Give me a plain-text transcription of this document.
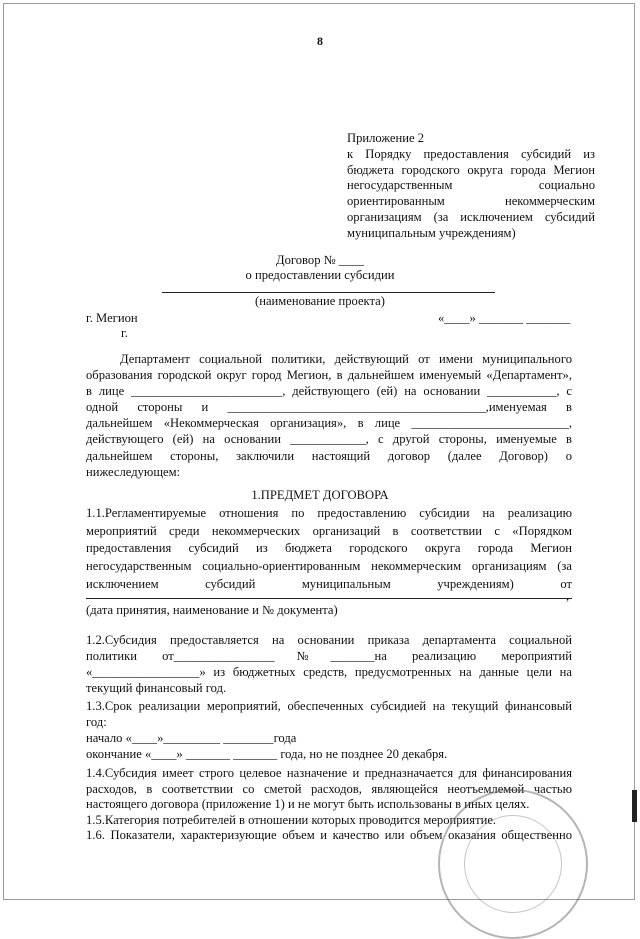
8
Приложение 2
к Порядку предоставления субсидий из
бюджета городского округа города Мегион
негосударственным социально
ориентированным некоммерческим
организациям (за исключением субсидий
муниципальным учреждениям)
Договор № ____
о предоставлении субсидии
(наименование проекта)
г. Мегион	«____» _______ _______
г.
Департамент социальной политики, действующий от имени муниципального
образования городской округ город Мегион, в дальнейшем именуемый «Департамент»,
в лице ________________________, действующего (ей) на основании ___________, с
одной стороны и _________________________________________,именуемая в
дальнейшем «Некоммерческая организация», в лице _________________________,
действующего (ей) на основании ____________, с другой стороны, именуемые в
дальнейшем стороны, заключили настоящий договор (далее Договор) о
нижеследующем:
1.ПРЕДМЕТ ДОГОВОРА
1.1.Регламентируемые отношения по предоставлению субсидии на реализацию
мероприятий среди некоммерческих организаций в соответствии с «Порядком
предоставления субсидий из бюджета городского округа города Мегион
негосударственным социально-ориентированным некоммерческим организациям (за
исключением субсидий муниципальным учреждениям) от
,
(дата принятия, наименование и № документа)
1.2.Субсидия предоставляется на основании приказа департамента социальной
политики от________________№_______на реализацию мероприятий
«_________________» из бюджетных средств, предусмотренных на данные цели на
текущий финансовый год.
1.3.Срок реализации мероприятий, обеспеченных субсидией на текущий финансовый
год:
начало «____»_________ ________года
окончание «____» _______ _______ года, но не позднее 20 декабря.
1.4.Субсидия имеет строго целевое назначение и предназначается для финансирования
расходов, в соответствии со сметой расходов, являющейся неотъемлемой частью
настоящего договора (приложение 1) и не могут быть использованы в иных целях.
1.5.Категория потребителей в отношении которых проводится мероприятие.
1.6. Показатели, характеризующие объем и качество или объем оказания общественно
